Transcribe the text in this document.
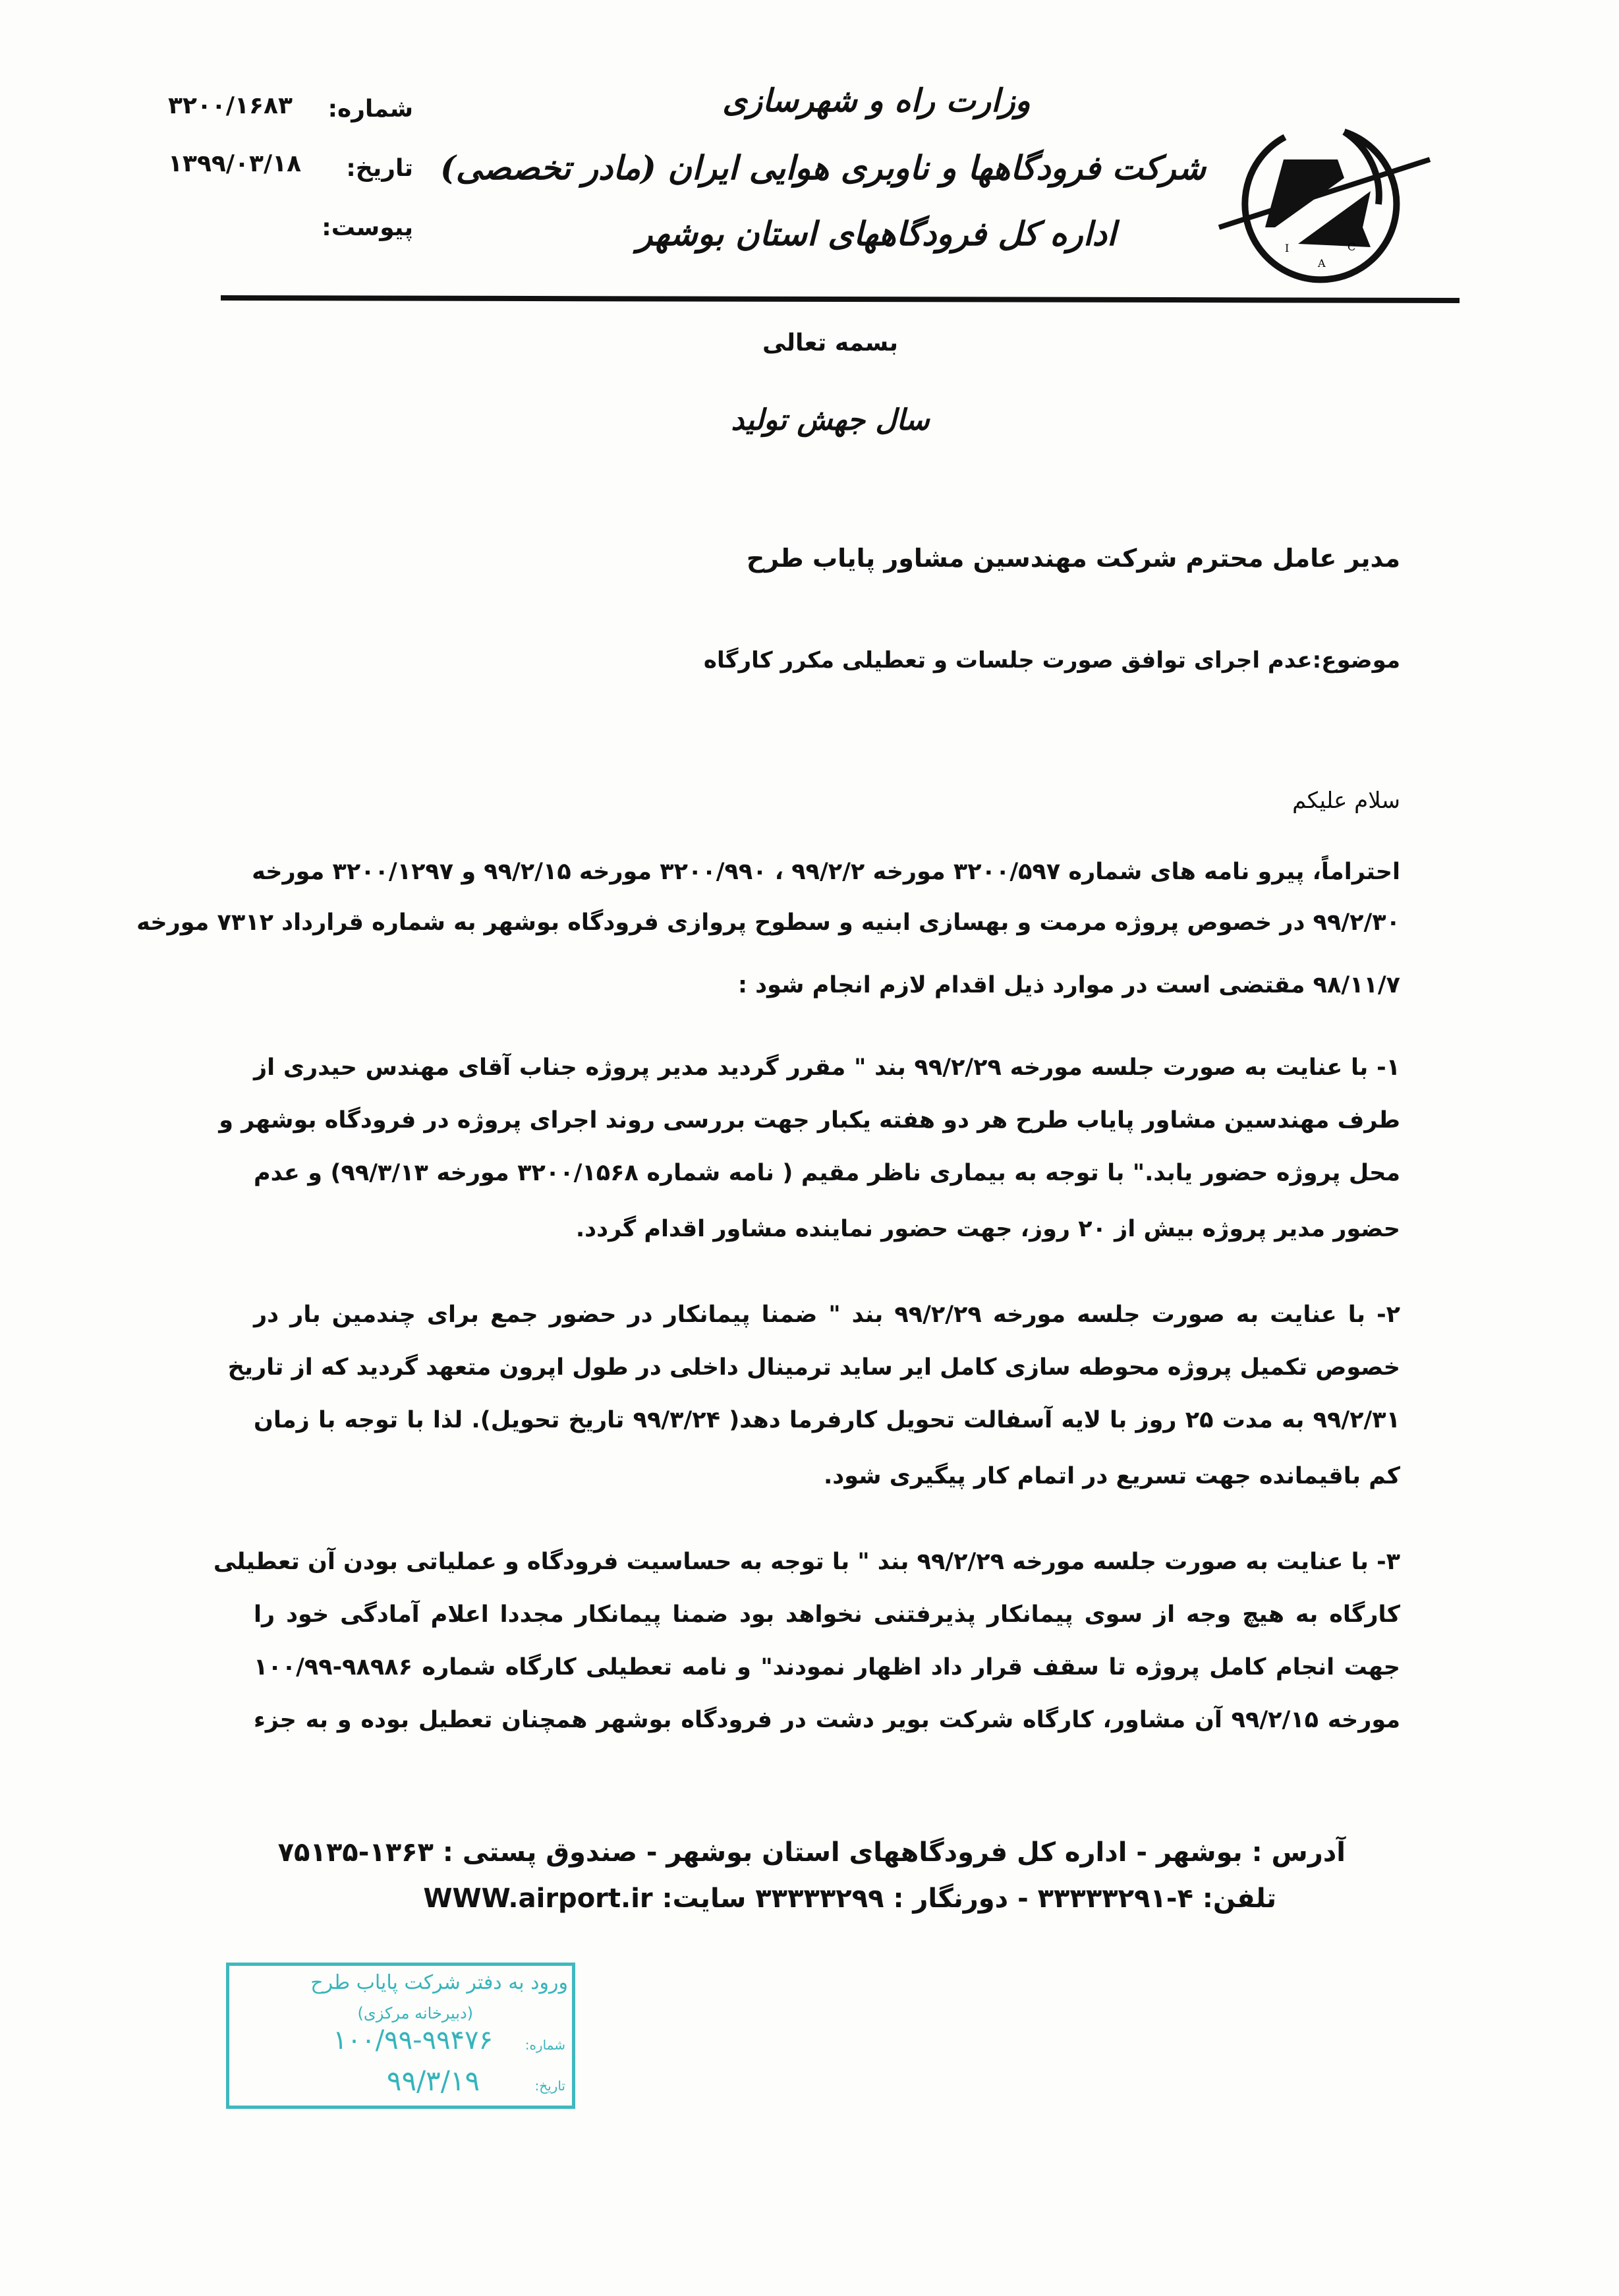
وزارت راه و شهرسازی
شرکت فرودگاهها و ناوبری هوایی ایران (مادر تخصصی)
اداره کل فرودگاههای استان بوشهر
شماره:
۳۲۰۰/۱۶۸۳
تاریخ:
۱۳۹۹/۰۳/۱۸
پیوست:
I	C
A
بسمه تعالی
سال جهش تولید
مدیر عامل محترم شرکت مهندسین مشاور پایاب طرح
موضوع:عدم اجرای توافق صورت جلسات و تعطیلی مکرر کارگاه
سلام علیکم
احتراماً، پیرو نامه های شماره ۳۲۰۰/۵۹۷ مورخه ۹۹/۲/۲ ، ۳۲۰۰/۹۹۰ مورخه ۹۹/۲/۱۵ و ۳۲۰۰/۱۲۹۷ مورخه
۹۹/۲/۳۰ در خصوص پروژه مرمت و بهسازی ابنیه و سطوح پروازی فرودگاه بوشهر به شماره قرارداد ۷۳۱۲ مورخه
۹۸/۱۱/۷ مقتضی است در موارد ذیل اقدام لازم انجام شود :
۱- با عنایت به صورت جلسه مورخه ۹۹/۲/۲۹ بند " مقرر گردید مدیر پروژه جناب آقای مهندس حیدری از
طرف مهندسین مشاور پایاب طرح هر دو هفته یکبار جهت بررسی روند اجرای پروژه در فرودگاه بوشهر و
محل پروژه حضور یابد." با توجه به بیماری ناظر مقیم ( نامه شماره ۳۲۰۰/۱۵۶۸ مورخه ۹۹/۳/۱۳) و عدم
حضور مدیر پروژه بیش از ۲۰ روز، جهت حضور نماینده مشاور اقدام گردد.
۲- با عنایت به صورت جلسه مورخه ۹۹/۲/۲۹ بند " ضمنا پیمانکار در حضور جمع برای چندمین بار در
خصوص تکمیل پروژه محوطه سازی کامل ایر ساید ترمینال داخلی در طول اپرون متعهد گردید که از تاریخ
۹۹/۲/۳۱ به مدت ۲۵ روز با لایه آسفالت تحویل کارفرما دهد( ۹۹/۳/۲۴ تاریخ تحویل). لذا با توجه با زمان
کم باقیمانده جهت تسریع در اتمام کار پیگیری شود.
۳- با عنایت به صورت جلسه مورخه ۹۹/۲/۲۹ بند " با توجه به حساسیت فرودگاه و عملیاتی بودن آن تعطیلی
کارگاه به هیچ وجه از سوی پیمانکار پذیرفتنی نخواهد بود ضمنا پیمانکار مجددا اعلام آمادگی خود را
جهت انجام کامل پروژه تا سقف قرار داد اظهار نمودند" و نامه تعطیلی کارگاه شماره ۹۸۹۸۶-۱۰۰/۹۹
مورخه ۹۹/۲/۱۵ آن مشاور، کارگاه شرکت بویر دشت در فرودگاه بوشهر همچنان تعطیل بوده و به جزء
آدرس : بوشهر - اداره کل فرودگاههای استان بوشهر - صندوق پستی : ۱۳۶۳-۷۵۱۳۵
تلفن: ۴-۳۳۳۳۳۲۹۱ - دورنگار : ۳۳۳۳۳۲۹۹ سایت: WWW.airport.ir
ورود به دفتر شرکت پایاب طرح
(دبیرخانه مرکزی)
شماره:
۱۰۰/۹۹-۹۹۴۷۶
تاریخ:
۹۹/۳/۱۹
